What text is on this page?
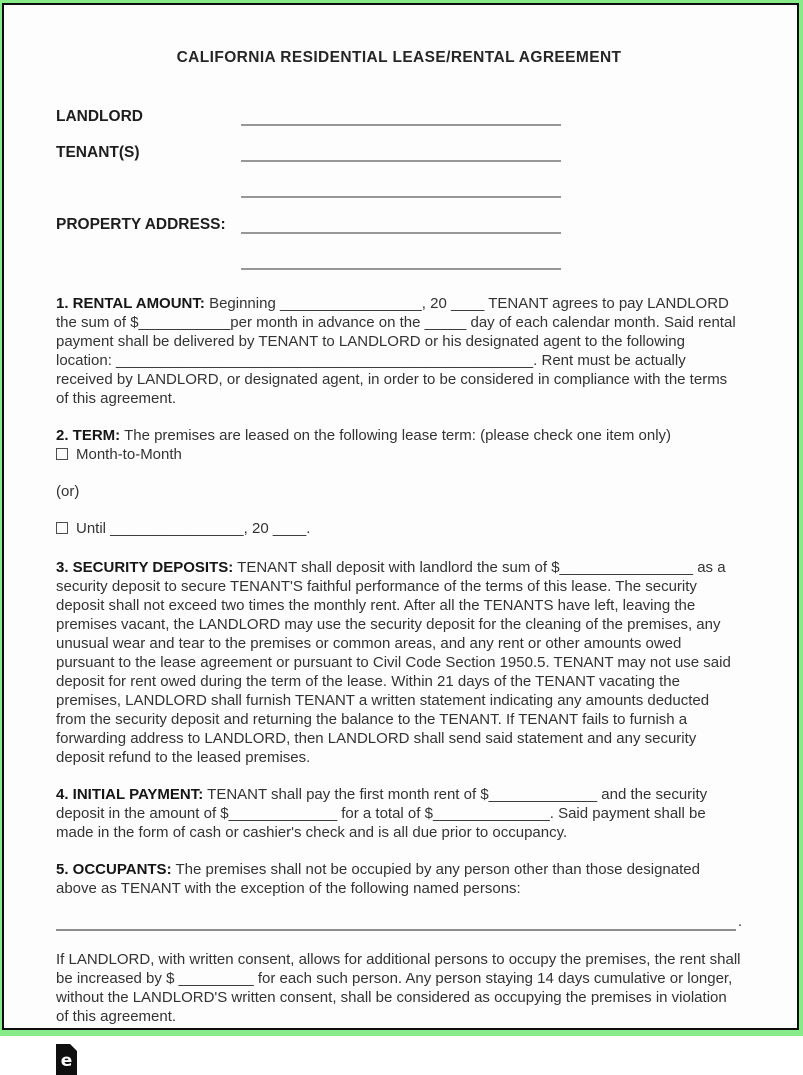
CALIFORNIA RESIDENTIAL LEASE/RENTAL AGREEMENT
LANDLORD
TENANT(S)
PROPERTY ADDRESS:

1. RENTAL AMOUNT: Beginning _________________, 20 ____ TENANT agrees to pay LANDLORD the sum of $___________per month in advance on the _____ day of each calendar month. Said rental payment shall be delivered by TENANT to LANDLORD or his designated agent to the following location: __________________________________________________. Rent must be actually received by LANDLORD, or designated agent, in order to be considered in compliance with the terms of this agreement.

2. TERM: The premises are leased on the following lease term: (please check one item only)

Month-to-Month
(or)
Until ________________, 20 ____.

3. SECURITY DEPOSITS: TENANT shall deposit with landlord the sum of $________________ as a security deposit to secure TENANT'S faithful performance of the terms of this lease. The security deposit shall not exceed two times the monthly rent. After all the TENANTS have left, leaving the premises vacant, the LANDLORD may use the security deposit for the cleaning of the premises, any unusual wear and tear to the premises or common areas, and any rent or other amounts owed pursuant to the lease agreement or pursuant to Civil Code Section 1950.5. TENANT may not use said deposit for rent owed during the term of the lease. Within 21 days of the TENANT vacating the premises, LANDLORD shall furnish TENANT a written statement indicating any amounts deducted from the security deposit and returning the balance to the TENANT. If TENANT fails to furnish a forwarding address to LANDLORD, then LANDLORD shall send said statement and any security deposit refund to the leased premises.

4. INITIAL PAYMENT: TENANT shall pay the first month rent of $_____________ and the security deposit in the amount of $_____________ for a total of $______________. Said payment shall be made in the form of cash or cashier's check and is all due prior to occupancy.

5. OCCUPANTS: The premises shall not be occupied by any person other than those designated above as TENANT with the exception of the following named persons:

.

If LANDLORD, with written consent, allows for additional persons to occupy the premises, the rent shall be increased by $ _________ for each such person. Any person staying 14 days cumulative or longer, without the LANDLORD'S written consent, shall be considered as occupying the premises in violation of this agreement.

e
